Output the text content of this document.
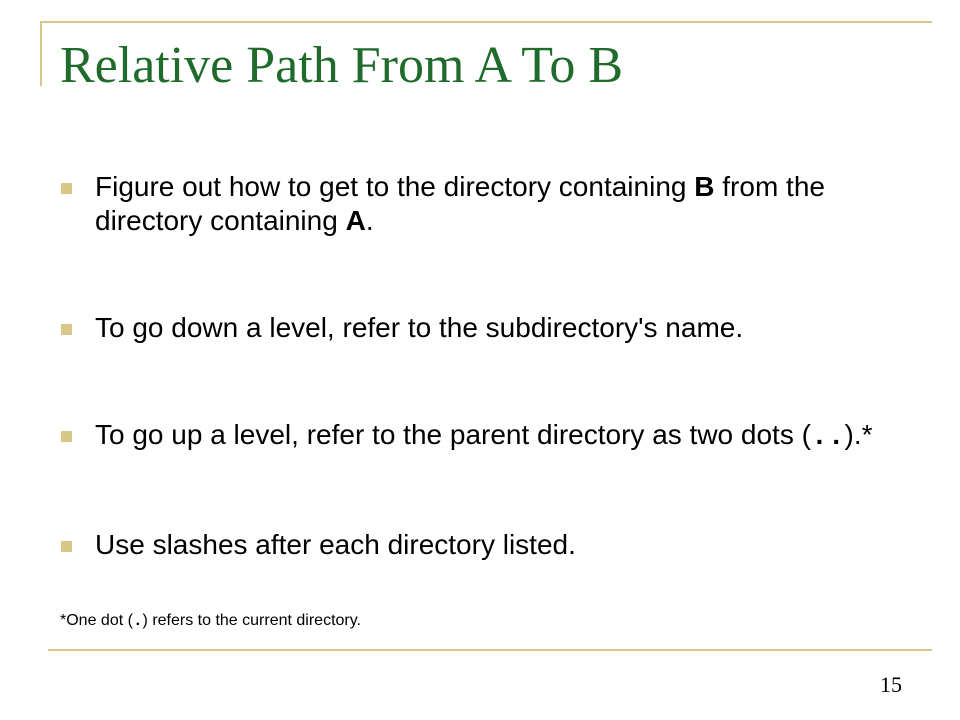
Relative Path From A To B
Figure out how to get to the directory containing B from the directory containing A.
To go down a level, refer to the subdirectory's name.
To go up a level, refer to the parent directory as two dots (..).*
Use slashes after each directory listed.

*One dot (.) refers to the current directory.

15
